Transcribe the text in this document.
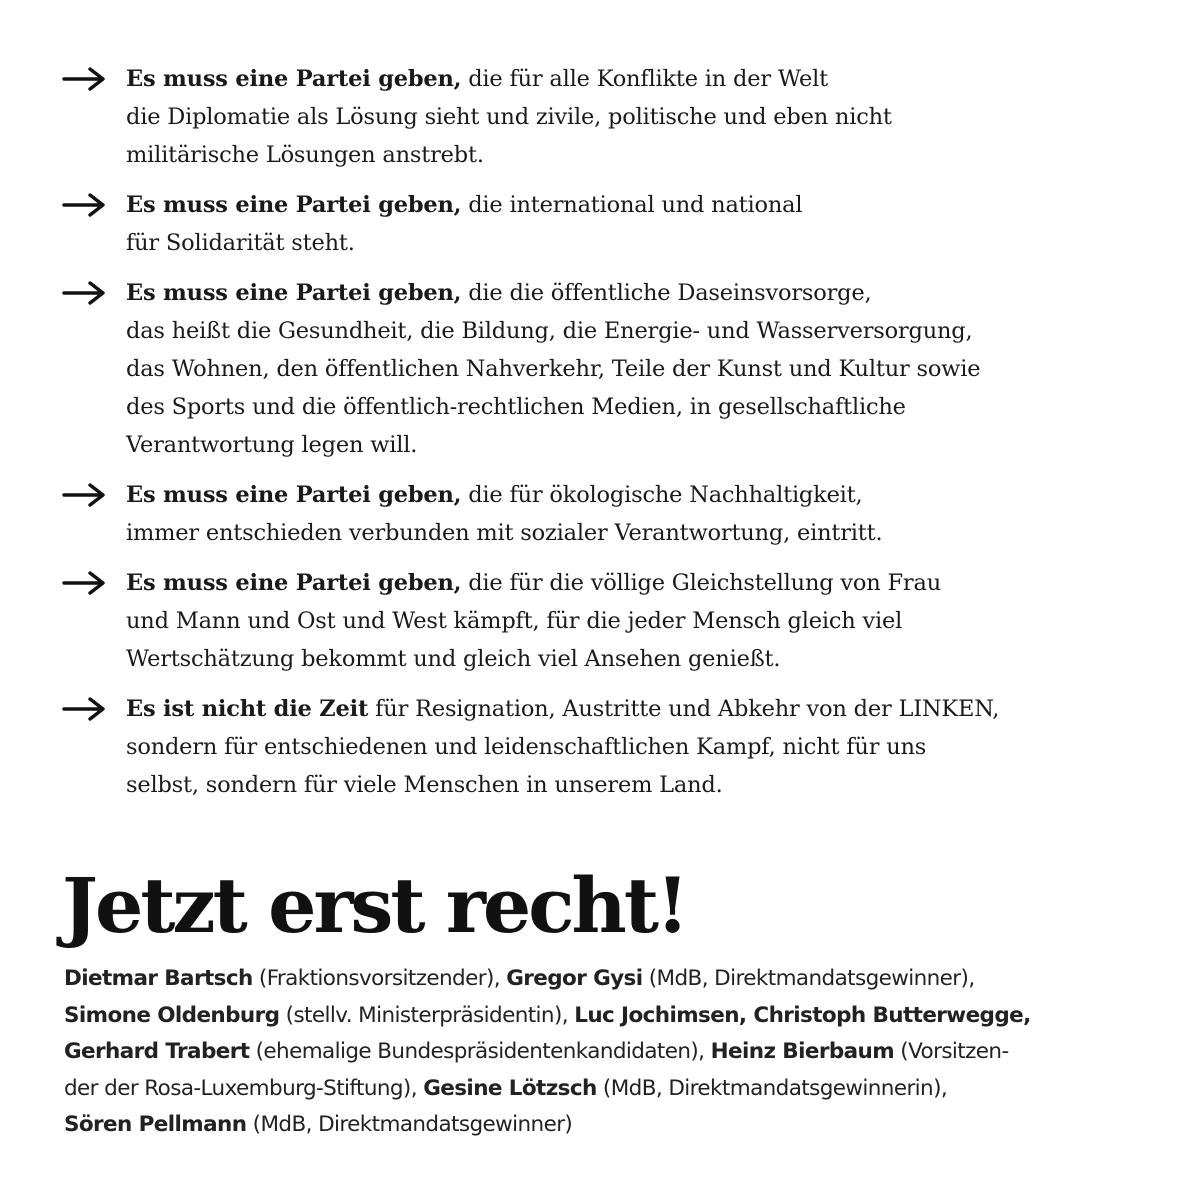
Es muss eine Partei geben, die für alle Konflikte in der Welt
die Diplomatie als Lösung sieht und zivile, politische und eben nicht
militärische Lösungen anstrebt.
Es muss eine Partei geben, die international und national
für Solidarität steht.
Es muss eine Partei geben, die die öffentliche Daseinsvorsorge,
das heißt die Gesundheit, die Bildung, die Energie- und Wasserversorgung,
das Wohnen, den öffentlichen Nahverkehr, Teile der Kunst und Kultur sowie
des Sports und die öffentlich-rechtlichen Medien, in gesellschaftliche
Verantwortung legen will.
Es muss eine Partei geben, die für ökologische Nachhaltigkeit,
immer entschieden verbunden mit sozialer Verantwortung, eintritt.
Es muss eine Partei geben, die für die völlige Gleichstellung von Frau
und Mann und Ost und West kämpft, für die jeder Mensch gleich viel
Wertschätzung bekommt und gleich viel Ansehen genießt.
Es ist nicht die Zeit für Resignation, Austritte und Abkehr von der LINKEN,
sondern für entschiedenen und leidenschaftlichen Kampf, nicht für uns
selbst, sondern für viele Menschen in unserem Land.
Jetzt erst recht!

Dietmar Bartsch (Fraktionsvorsitzender), Gregor Gysi (MdB, Direktmandatsgewinner),
Simone Oldenburg (stellv. Ministerpräsidentin), Luc Jochimsen, Christoph Butterwegge,
Gerhard Trabert (ehemalige Bundespräsidentenkandidaten), Heinz Bierbaum (Vorsitzen-
der der Rosa-Luxemburg-Stiftung), Gesine Lötzsch (MdB, Direktmandatsgewinnerin),
Sören Pellmann (MdB, Direktmandatsgewinner)
